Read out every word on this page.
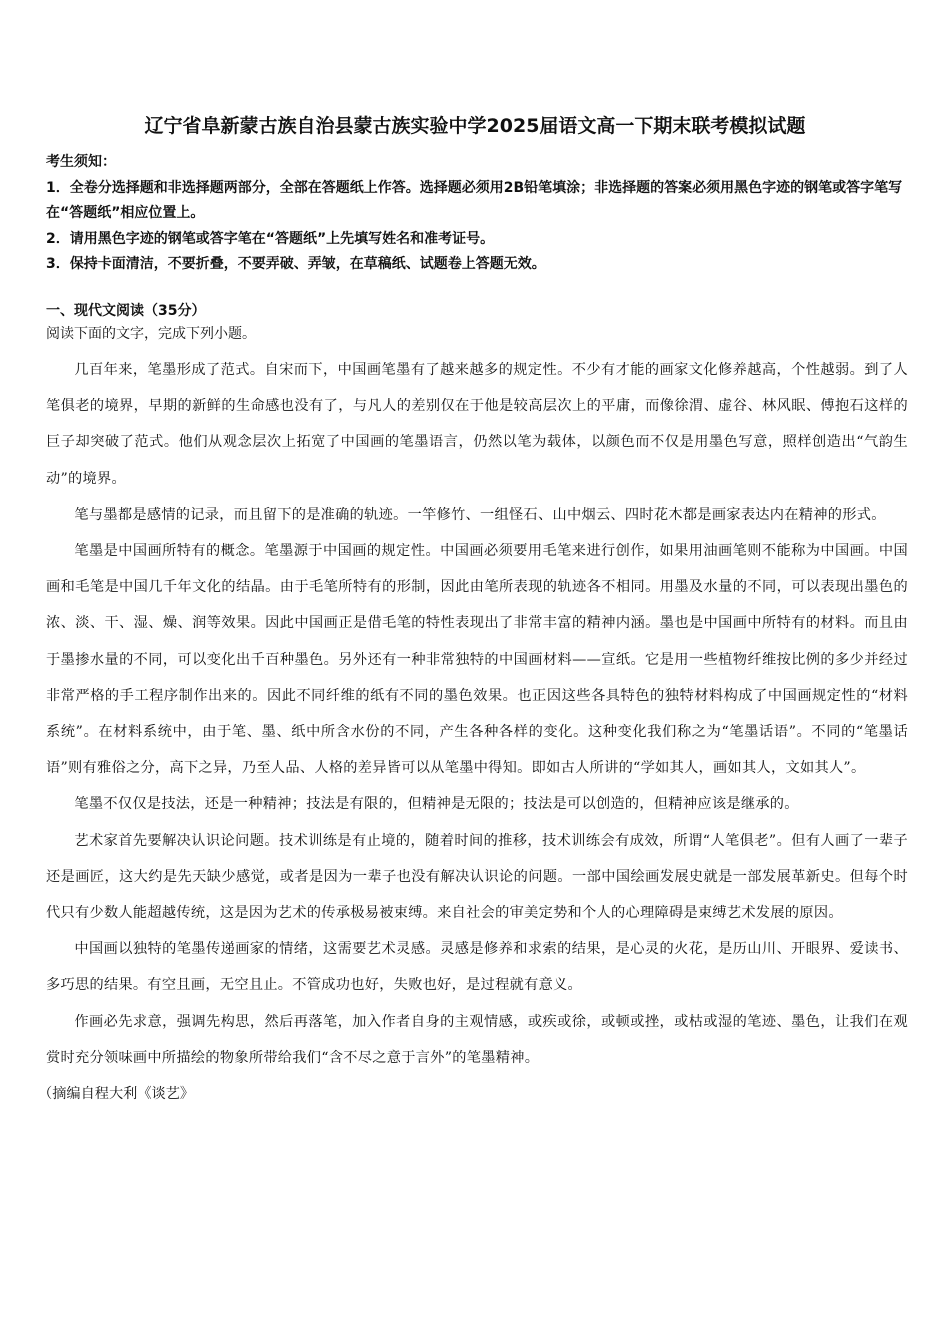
辽宁省阜新蒙古族自治县蒙古族实验中学2025届语文高一下期末联考模拟试题

考生须知：

1．全卷分选择题和非选择题两部分，全部在答题纸上作答。选择题必须用2B铅笔填涂；非选择题的答案必须用黑色字迹的钢笔或答字笔写在“答题纸”相应位置上。

2．请用黑色字迹的钢笔或答字笔在“答题纸”上先填写姓名和准考证号。

3．保持卡面清洁，不要折叠，不要弄破、弄皱，在草稿纸、试题卷上答题无效。

一、现代文阅读（35分）

阅读下面的文字，完成下列小题。

几百年来，笔墨形成了范式。自宋而下，中国画笔墨有了越来越多的规定性。不少有才能的画家文化修养越高，个性越弱。到了人笔俱老的境界，早期的新鲜的生命感也没有了，与凡人的差别仅在于他是较高层次上的平庸，而像徐渭、虚谷、林风眠、傅抱石这样的巨子却突破了范式。他们从观念层次上拓宽了中国画的笔墨语言，仍然以笔为载体，以颜色而不仅是用墨色写意，照样创造出“气韵生动”的境界。

笔与墨都是感情的记录，而且留下的是准确的轨迹。一竿修竹、一组怪石、山中烟云、四时花木都是画家表达内在精神的形式。

笔墨是中国画所特有的概念。笔墨源于中国画的规定性。中国画必须要用毛笔来进行创作，如果用油画笔则不能称为中国画。中国画和毛笔是中国几千年文化的结晶。由于毛笔所特有的形制，因此由笔所表现的轨迹各不相同。用墨及水量的不同，可以表现出墨色的浓、淡、干、湿、燥、润等效果。因此中国画正是借毛笔的特性表现出了非常丰富的精神内涵。墨也是中国画中所特有的材料。而且由于墨掺水量的不同，可以变化出千百种墨色。另外还有一种非常独特的中国画材料——宣纸。它是用一些植物纤维按比例的多少并经过非常严格的手工程序制作出来的。因此不同纤维的纸有不同的墨色效果。也正因这些各具特色的独特材料构成了中国画规定性的“材料系统”。在材料系统中，由于笔、墨、纸中所含水份的不同，产生各种各样的变化。这种变化我们称之为“笔墨话语”。不同的“笔墨话语”则有雅俗之分，高下之异，乃至人品、人格的差异皆可以从笔墨中得知。即如古人所讲的“学如其人，画如其人，文如其人”。

笔墨不仅仅是技法，还是一种精神；技法是有限的，但精神是无限的；技法是可以创造的，但精神应该是继承的。

艺术家首先要解决认识论问题。技术训练是有止境的，随着时间的推移，技术训练会有成效，所谓“人笔俱老”。但有人画了一辈子还是画匠，这大约是先天缺少感觉，或者是因为一辈子也没有解决认识论的问题。一部中国绘画发展史就是一部发展革新史。但每个时代只有少数人能超越传统，这是因为艺术的传承极易被束缚。来自社会的审美定势和个人的心理障碍是束缚艺术发展的原因。

中国画以独特的笔墨传递画家的情绪，这需要艺术灵感。灵感是修养和求索的结果，是心灵的火花，是历山川、开眼界、爱读书、多巧思的结果。有空且画，无空且止。不管成功也好，失败也好，是过程就有意义。

作画必先求意，强调先构思，然后再落笔，加入作者自身的主观情感，或疾或徐，或顿或挫，或枯或湿的笔迹、墨色，让我们在观赏时充分领味画中所描绘的物象所带给我们“含不尽之意于言外”的笔墨精神。

（摘编自程大利《谈艺》
